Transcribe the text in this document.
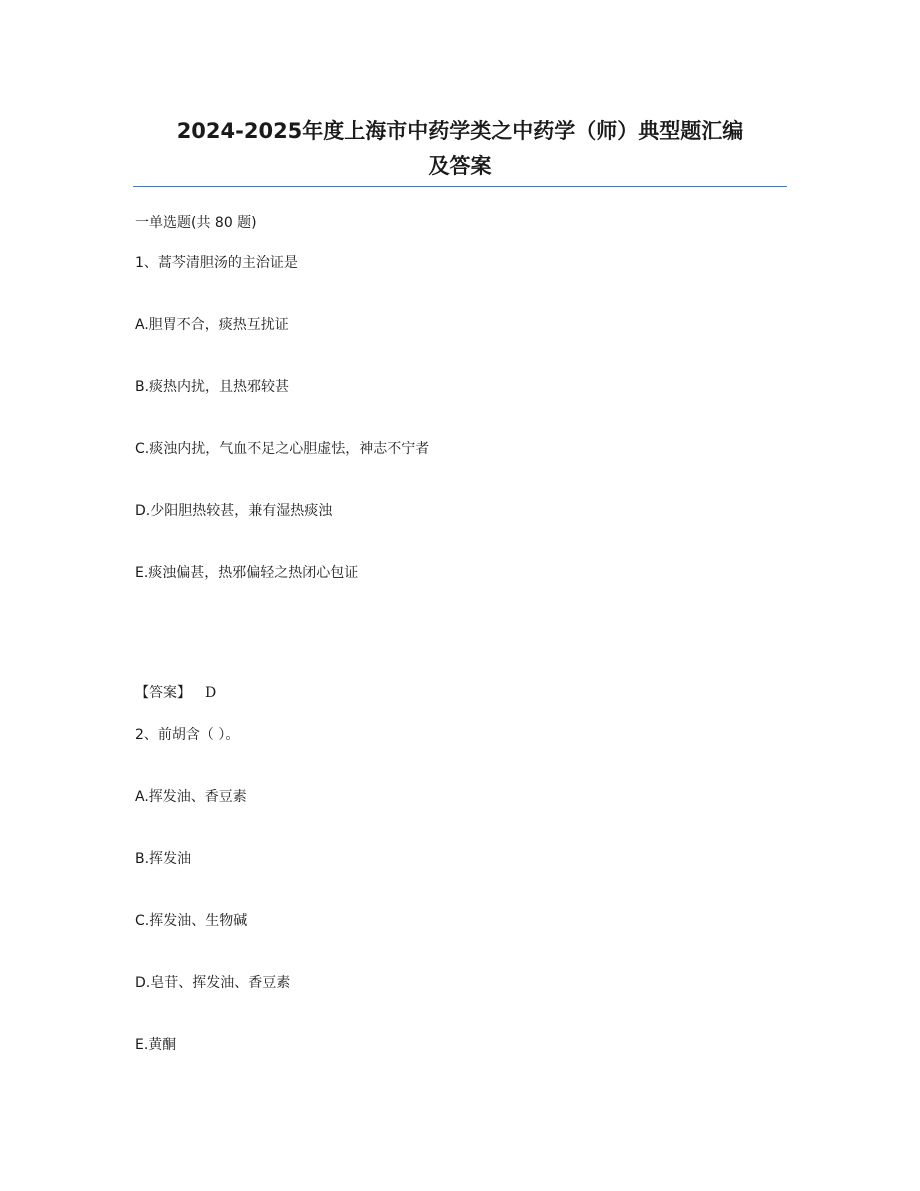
2024-2025年度上海市中药学类之中药学（师）典型题汇编
及答案
一单选题(共 80 题)
1、蒿芩清胆汤的主治证是
A.胆胃不合，痰热互扰证
B.痰热内扰，且热邪较甚
C.痰浊内扰，气血不足之心胆虚怯，神志不宁者
D.少阳胆热较甚，兼有湿热痰浊
E.痰浊偏甚，热邪偏轻之热闭心包证
【答案】 D
2、前胡含（ ）。
A.挥发油、香豆素
B.挥发油
C.挥发油、生物碱
D.皂苷、挥发油、香豆素
E.黄酮
